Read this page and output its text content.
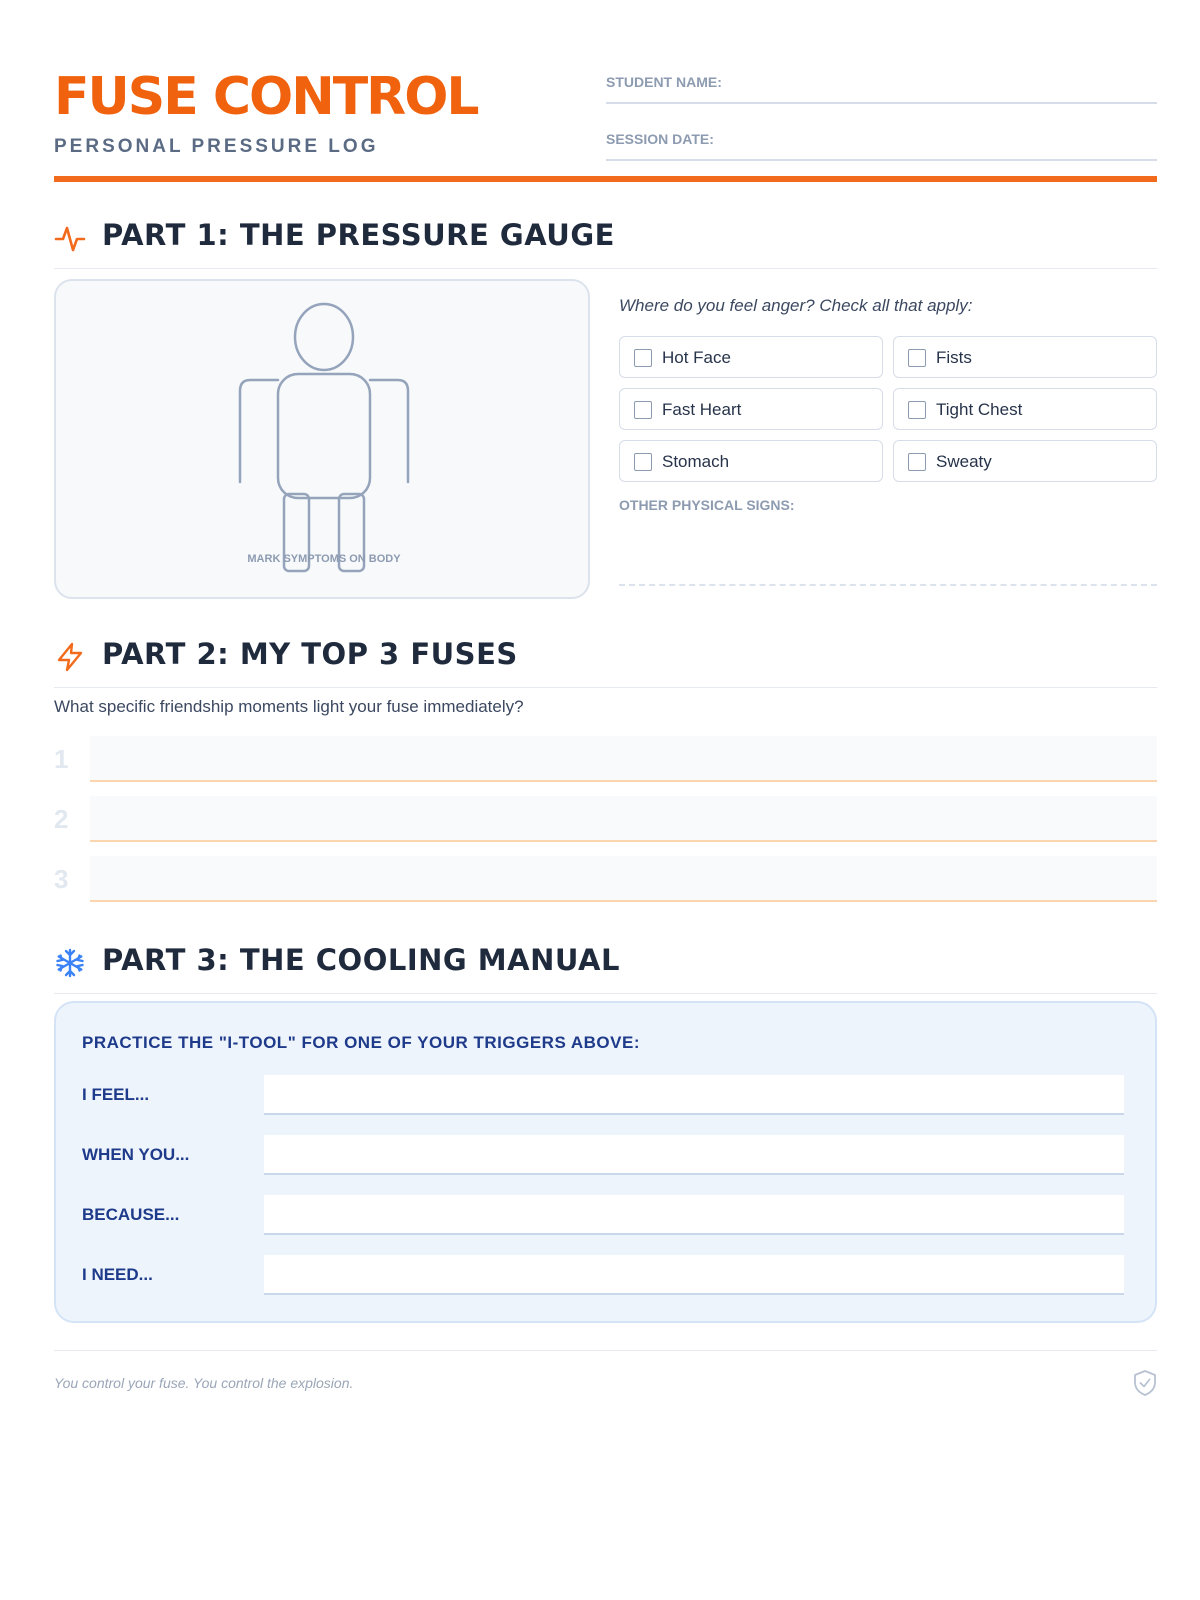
FUSE CONTROL
PERSONAL PRESSURE LOG
STUDENT NAME:
SESSION DATE:
PART 1: THE PRESSURE GAUGE
MARK SYMPTOMS ON BODY
Where do you feel anger? Check all that apply:
Hot Face	Fists
Fast Heart	Tight Chest
Stomach	Sweaty
OTHER PHYSICAL SIGNS:
PART 2: MY TOP 3 FUSES
What specific friendship moments light your fuse immediately?
1
2
3
PART 3: THE COOLING MANUAL
PRACTICE THE "I-TOOL" FOR ONE OF YOUR TRIGGERS ABOVE:
I FEEL...
WHEN YOU...
BECAUSE...
I NEED...
You control your fuse. You control the explosion.
